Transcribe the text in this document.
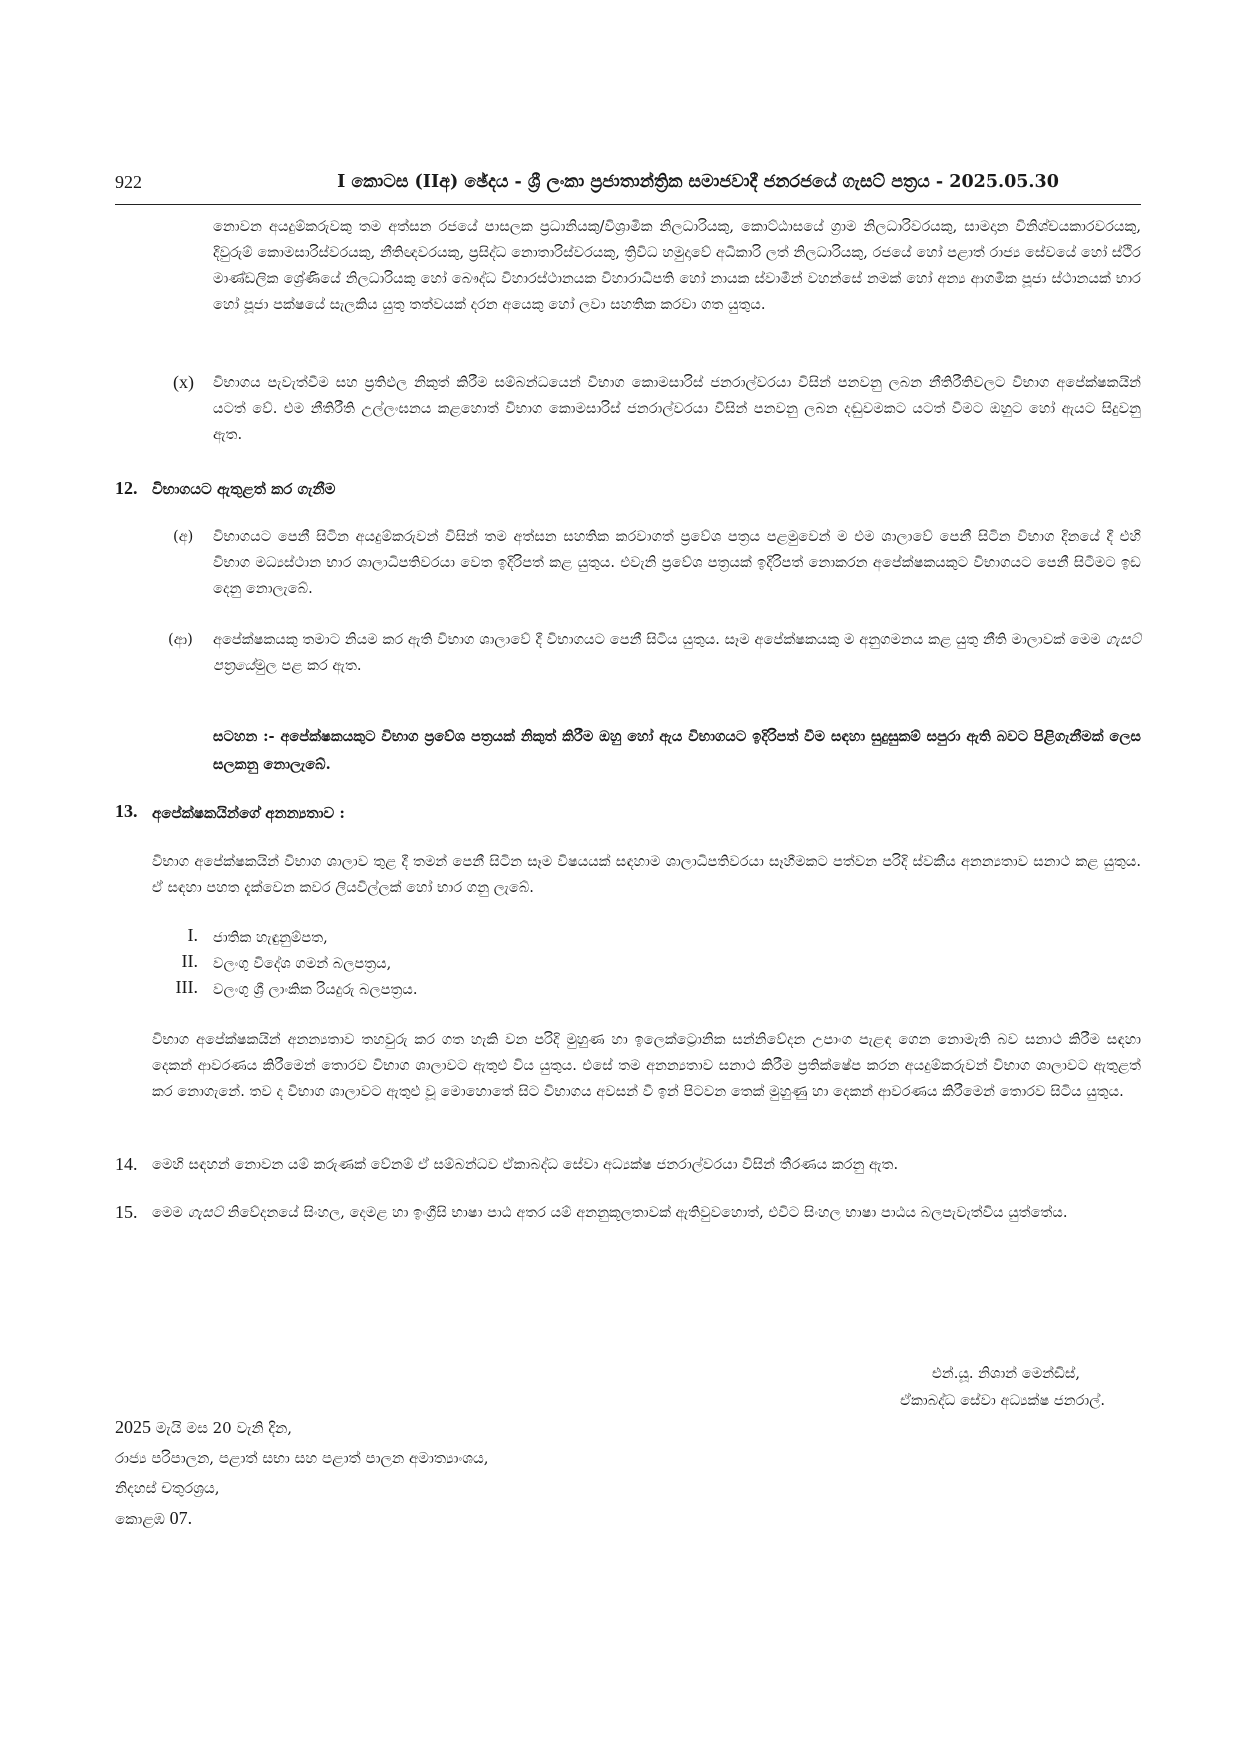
922	I කොටස (IIඅ) ඡේදය - ශ්‍රී ලංකා ප්‍රජාතාන්ත්‍රික සමාජවාදී ජනරජයේ ගැසට් පත්‍රය - 2025.05.30

නොවන අයදුම්කරුවකු තම අත්සන රජයේ පාසලක ප්‍රධානියකු/විශ්‍රාමික නිලධාරියකු, කොට්ඨාසයේ ග්‍රාම නිලධාරිවරයකු, සාමදාන විනිශ්චයකාරවරයකු, දිවුරුම් කොමසාරිස්වරයකු, නීතිඥවරයකු, ප්‍රසිද්ධ නොතාරිස්වරයකු, ත්‍රිවිධ හමුදාවේ අධිකාරි ලත් නිලධාරියකු, රජයේ හෝ පළාත් රාජ්‍ය සේවයේ හෝ ස්ථිර මාණ්ඩලික ශ්‍රේණියේ නිලධාරියකු හෝ බෞද්ධ විහාරස්ථානයක විහාරාධිපති හෝ නායක ස්වාමීන් වහන්සේ නමක් හෝ අන්‍ය ආගමික පූජා ස්ථානයක් භාර හෝ පූජා පක්ෂයේ සැලකිය යුතු තත්වයක් දරන අයෙකු හෝ ලවා සහතික කරවා ගත යුතුය.

(x) විභාගය පැවැත්වීම සහ ප්‍රතිඵල නිකුත් කිරීම සම්බන්ධයෙන් විභාග කොමසාරිස් ජනරාල්වරයා විසින් පනවනු ලබන නීතිරීතිවලට විභාග අපේක්ෂකයින් යටත් වේ. එම නීතිරීති උල්ලංඝනය කළහොත් විභාග කොමසාරිස් ජනරාල්වරයා විසින් පනවනු ලබන දඬුවමකට යටත් වීමට ඔහුට හෝ ඇයට සිදුවනු ඇත.

12. විභාගයට ඇතුළත් කර ගැනීම
(අ) විභාගයට පෙනී සිටින අයදුම්කරුවන් විසින් තම අත්සන සහතික කරවාගත් ප්‍රවේශ පත්‍රය පළමුවෙන් ම එම ශාලාවේ පෙනී සිටින විභාග දිනයේ දී එහි විභාග මධ්‍යස්ථාන භාර ශාලාධිපතිවරයා වෙත ඉදිරිපත් කළ යුතුය. එවැනි ප්‍රවේශ පත්‍රයක් ඉදිරිපත් නොකරන අපේක්ෂකයකුට විභාගයට පෙනී සිටීමට ඉඩ දෙනු නොලැබේ.

(ආ) අපේක්ෂකයකු තමාට නියම කර ඇති විභාග ශාලාවේ දී විභාගයට පෙනී සිටිය යුතුය. සෑම අපේක්ෂකයකු ම අනුගමනය කළ යුතු නීති මාලාවක් මෙම ගැසට් පත්‍රයේමුල පළ කර ඇත.

සටහන :- අපේක්ෂකයකුට විභාග ප්‍රවේශ පත්‍රයක් නිකුත් කිරීම ඔහු හෝ ඇය විභාගයට ඉදිරිපත් වීම සඳහා සුදුසුකම් සපුරා ඇති බවට පිළිගැනීමක් ලෙස සලකනු නොලැබේ.

13. අපේක්ෂකයින්ගේ අනන්‍යතාව :

විභාග අපේක්ෂකයින් විභාග ශාලාව තුළ දී තමන් පෙනී සිටින සෑම විෂයයක් සඳහාම ශාලාධිපතිවරයා සෑහීමකට පත්වන පරිදි ස්වකීය අනන්‍යතාව සනාථ කළ යුතුය. ඒ සඳහා පහත දැක්වෙන කවර ලියවිල්ලක් හෝ භාර ගනු ලැබේ.

I. ජාතික හැඳුනුම්පත,
II. වලංගු විදේශ ගමන් බලපත්‍රය,
III. වලංගු ශ්‍රී ලාංකික රියදුරු බලපත්‍රය.

විභාග අපේක්ෂකයින් අනන්‍යතාව තහවුරු කර ගත හැකි වන පරිදි මුහුණ හා ඉලෙක්ට්‍රොනික සන්නිවේදන උපාංග පැළඳ ගෙන නොමැති බව සනාථ කිරීම සඳහා දෙකන් ආවරණය කිරීමෙන් තොරව විභාග ශාලාවට ඇතුළු විය යුතුය. එසේ තම අනන්‍යතාව සනාථ කිරීම ප්‍රතික්ෂේප කරන අයදුම්කරුවන් විභාග ශාලාවට ඇතුළත් කර නොගැනේ. තව ද විභාග ශාලාවට ඇතුළු වූ මොහොතේ සිට විභාගය අවසන් වී ඉන් පිටවන තෙක් මුහුණු හා දෙකන් ආවරණය කිරීමෙන් තොරව සිටිය යුතුය.

14. මෙහි සඳහන් නොවන යම් කරුණක් වේනම් ඒ සම්බන්ධව ඒකාබද්ධ සේවා අධ්‍යක්ෂ ජනරාල්වරයා විසින් තීරණය කරනු ඇත.

15. මෙම ගැසට් නිවේදනයේ සිංහල, දෙමළ හා ඉංග්‍රීසි භාෂා පාඨ අතර යම් අනනුකූලතාවක් ඇතිවුවහොත්, එවිට සිංහල භාෂා පාඨය බලපැවැත්විය යුත්තේය.

එන්.යූ. නිශාන් මෙන්ඩිස්,
ඒකාබද්ධ සේවා අධ්‍යක්ෂ ජනරාල්.
2025 මැයි මස 20 වැනි දින,
රාජ්‍ය පරිපාලන, පළාත් සභා සහ පළාත් පාලන අමාත්‍යාංශය,
නිදහස් චතුරශ්‍රය,
කොළඹ 07.
